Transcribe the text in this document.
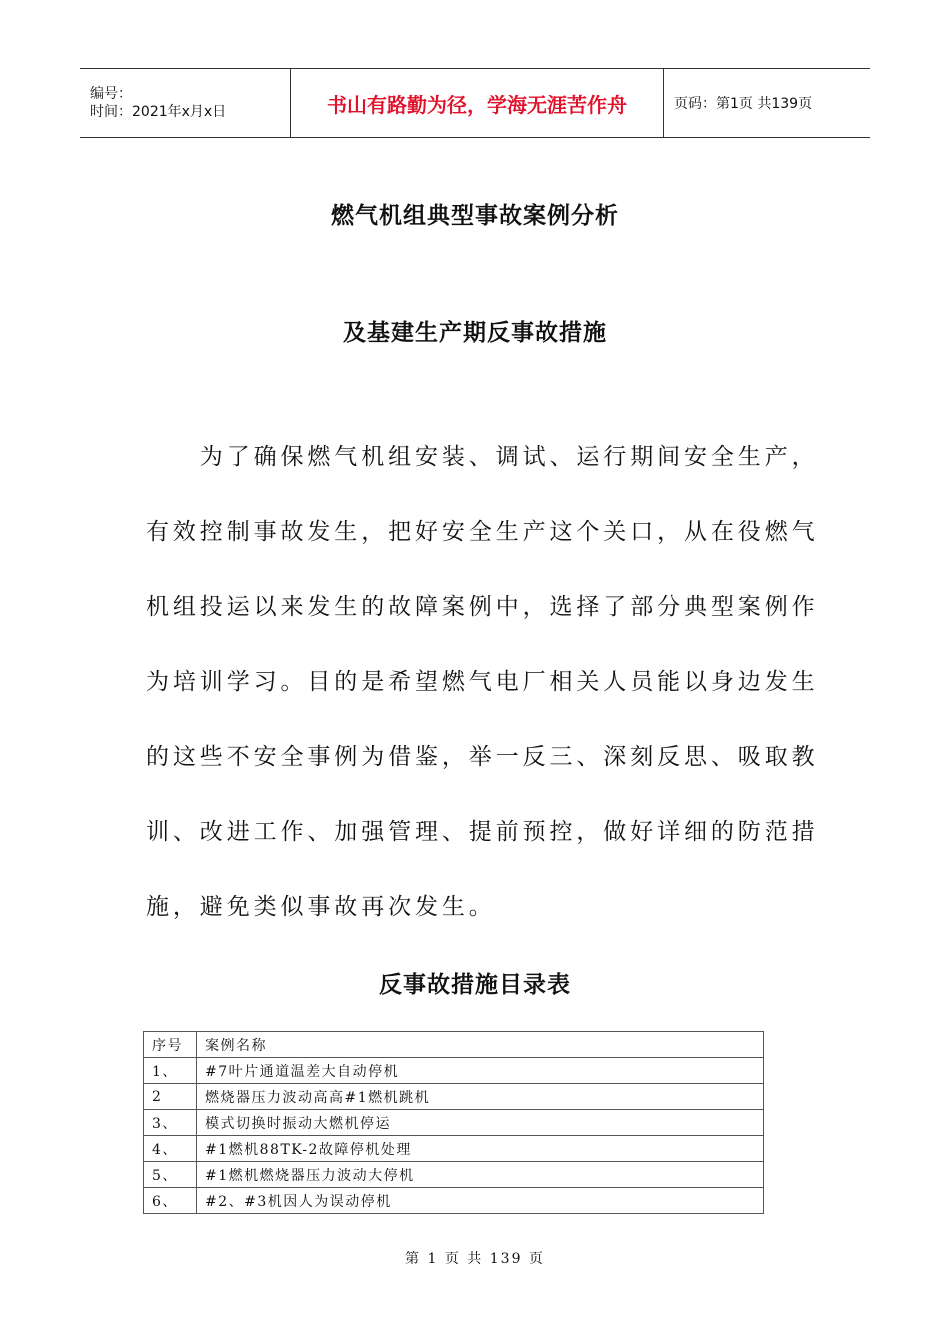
编号：
时间：2021年x月x日	书山有路勤为径，学海无涯苦作舟	页码：第1页 共139页
燃气机组典型事故案例分析
及基建生产期反事故措施
　　为了确保燃气机组安装、调试、运行期间安全生产，
有效控制事故发生，把好安全生产这个关口，从在役燃气
机组投运以来发生的故障案例中，选择了部分典型案例作
为培训学习。目的是希望燃气电厂相关人员能以身边发生
的这些不安全事例为借鉴，举一反三、深刻反思、吸取教
训、改进工作、加强管理、提前预控，做好详细的防范措
施，避免类似事故再次发生。
反事故措施目录表
序号	案例名称
1、	#7叶片通道温差大自动停机
2	燃烧器压力波动高高#1燃机跳机
3、	模式切换时振动大燃机停运
4、	#1燃机88TK-2故障停机处理
5、	#1燃机燃烧器压力波动大停机
6、	#2、#3机因人为误动停机
第 1 页 共 139 页
